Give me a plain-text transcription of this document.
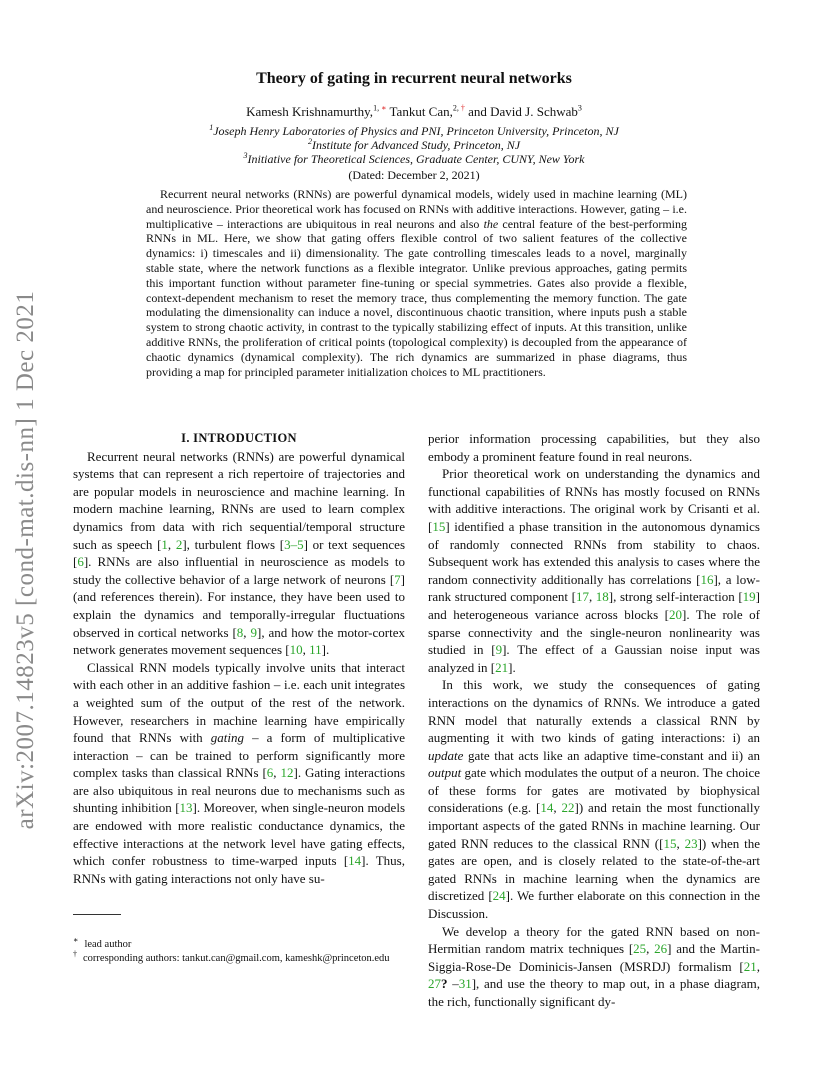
arXiv:2007.14823v5 [cond-mat.dis-nn] 1 Dec 2021
Theory of gating in recurrent neural networks
Kamesh Krishnamurthy,$^{1, ∗}$ Tankut Can,$^{2, \dagger}$ and David J. Schwab$^3$
$^1$Joseph Henry Laboratories of Physics and PNI, Princeton University, Princeton, NJ
$^2$Institute for Advanced Study, Princeton, NJ
$^3$Initiative for Theoretical Sciences, Graduate Center, CUNY, New York
(Dated: December 2, 2021)

Recurrent neural networks (RNNs) are powerful dynamical models, widely used in machine learning (ML) and neuroscience. Prior theoretical work has focused on RNNs with additive interactions. However, gating – i.e. multiplicative – interactions are ubiquitous in real neurons and also the central feature of the best-performing RNNs in ML. Here, we show that gating offers flexible control of two salient features of the collective dynamics: i) timescales and ii) dimensionality. The gate controlling timescales leads to a novel, marginally stable state, where the network functions as a flexible integrator. Unlike previous approaches, gating permits this important function without parameter fine-tuning or special symmetries. Gates also provide a flexible, context-dependent mechanism to reset the memory trace, thus complementing the memory function. The gate modulating the dimensionality can induce a novel, discontinuous chaotic transition, where inputs push a stable system to strong chaotic activity, in contrast to the typically stabilizing effect of inputs. At this transition, unlike additive RNNs, the proliferation of critical points (topological complexity) is decoupled from the appearance of chaotic dynamics (dynamical complexity). The rich dynamics are summarized in phase diagrams, thus providing a map for principled parameter initialization choices to ML practitioners.

I. INTRODUCTION

Recurrent neural networks (RNNs) are powerful dynamical systems that can represent a rich repertoire of trajectories and are popular models in neuroscience and machine learning. In modern machine learning, RNNs are used to learn complex dynamics from data with rich sequential/temporal structure such as speech [1, 2], turbulent flows [3–5] or text sequences [6]. RNNs are also influential in neuroscience as models to study the collective behavior of a large network of neurons [7] (and references therein). For instance, they have been used to explain the dynamics and temporally-irregular fluctuations observed in cortical networks [8, 9], and how the motor-cortex network generates movement sequences [10, 11].

Classical RNN models typically involve units that interact with each other in an additive fashion – i.e. each unit integrates a weighted sum of the output of the rest of the network. However, researchers in machine learning have empirically found that RNNs with gating – a form of multiplicative interaction – can be trained to perform significantly more complex tasks than classical RNNs [6, 12]. Gating interactions are also ubiquitous in real neurons due to mechanisms such as shunting inhibition [13]. Moreover, when single-neuron models are endowed with more realistic conductance dynamics, the effective interactions at the network level have gating effects, which confer robustness to time-warped inputs [14]. Thus, RNNs with gating interactions not only have su-

perior information processing capabilities, but they also embody a prominent feature found in real neurons.

Prior theoretical work on understanding the dynamics and functional capabilities of RNNs has mostly focused on RNNs with additive interactions. The original work by Crisanti et al. [15] identified a phase transition in the autonomous dynamics of randomly connected RNNs from stability to chaos. Subsequent work has extended this analysis to cases where the random connectivity additionally has correlations [16], a low-rank structured component [17, 18], strong self-interaction [19] and heterogeneous variance across blocks [20]. The role of sparse connectivity and the single-neuron nonlinearity was studied in [9]. The effect of a Gaussian noise input was analyzed in [21].

In this work, we study the consequences of gating interactions on the dynamics of RNNs. We introduce a gated RNN model that naturally extends a classical RNN by augmenting it with two kinds of gating interactions: i) an update gate that acts like an adaptive time-constant and ii) an output gate which modulates the output of a neuron. The choice of these forms for gates are motivated by biophysical considerations (e.g. [14, 22]) and retain the most functionally important aspects of the gated RNNs in machine learning. Our gated RNN reduces to the classical RNN ([15, 23]) when the gates are open, and is closely related to the state-of-the-art gated RNNs in machine learning when the dynamics are discretized [24]. We further elaborate on this connection in the Discussion.

We develop a theory for the gated RNN based on non-Hermitian random matrix techniques [25, 26] and the Martin-Siggia-Rose-De Dominicis-Jansen (MSRDJ) formalism [21, 27? –31], and use the theory to map out, in a phase diagram, the rich, functionally significant dy-

∗ lead author
† corresponding authors: tankut.can@gmail.com, kameshk@princeton.edu
